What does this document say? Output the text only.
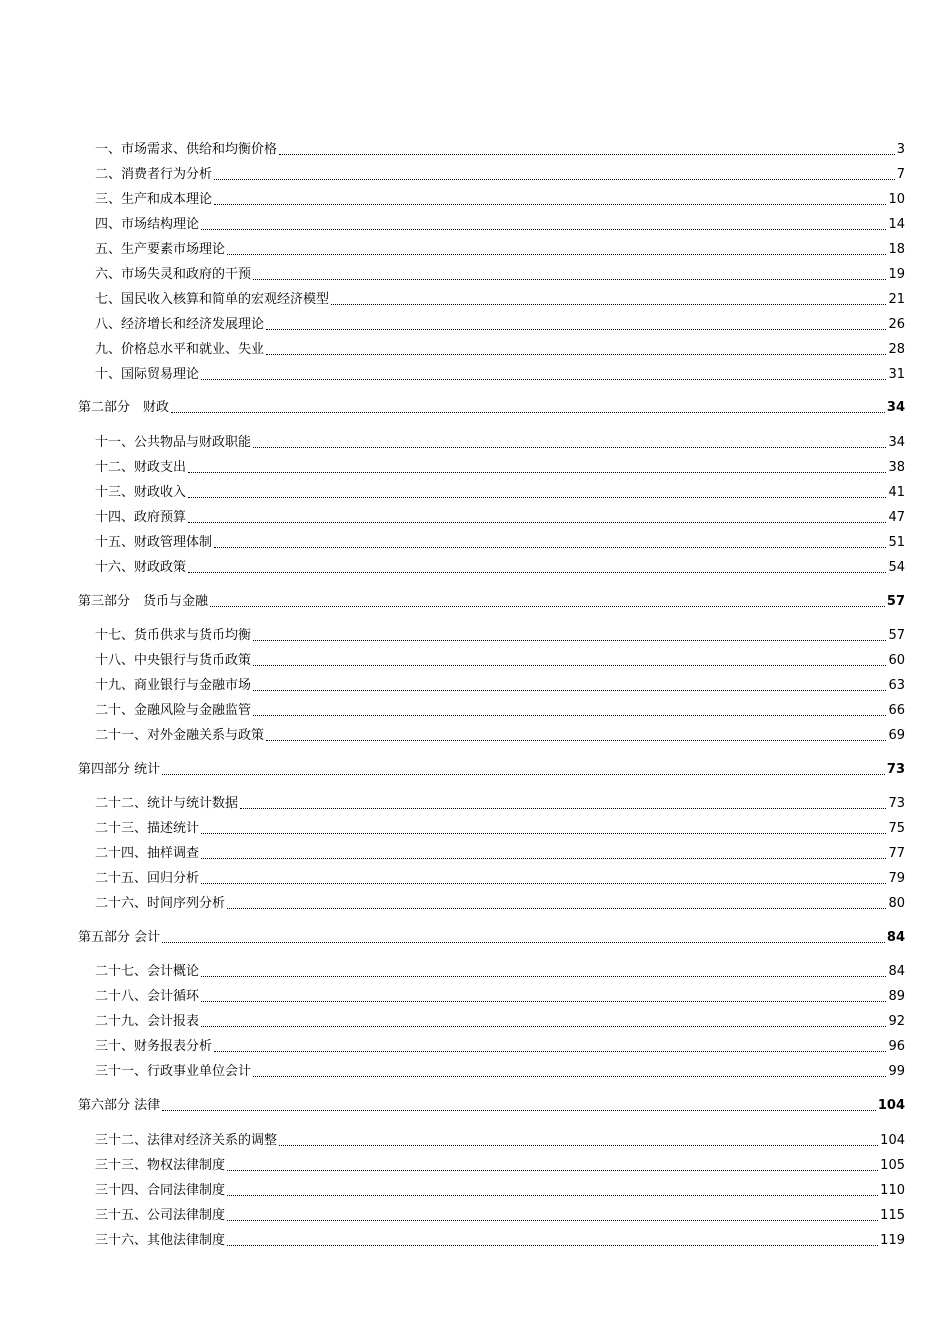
一、市场需求、供给和均衡价格	3
二、消费者行为分析	7
三、生产和成本理论	10
四、市场结构理论	14
五、生产要素市场理论	18
六、市场失灵和政府的干预	19
七、国民收入核算和简单的宏观经济模型	21
八、经济增长和经济发展理论	26
九、价格总水平和就业、失业	28
十、国际贸易理论	31
第二部分　财政	34
十一、公共物品与财政职能	34
十二、财政支出	38
十三、财政收入	41
十四、政府预算	47
十五、财政管理体制	51
十六、财政政策	54
第三部分　货币与金融	57
十七、货币供求与货币均衡	57
十八、中央银行与货币政策	60
十九、商业银行与金融市场	63
二十、金融风险与金融监管	66
二十一、对外金融关系与政策	69
第四部分 统计	73
二十二、统计与统计数据	73
二十三、描述统计	75
二十四、抽样调查	77
二十五、回归分析	79
二十六、时间序列分析	80
第五部分 会计	84
二十七、会计概论	84
二十八、会计循环	89
二十九、会计报表	92
三十、财务报表分析	96
三十一、行政事业单位会计	99
第六部分 法律	104
三十二、法律对经济关系的调整	104
三十三、物权法律制度	105
三十四、合同法律制度	110
三十五、公司法律制度	115
三十六、其他法律制度	119
